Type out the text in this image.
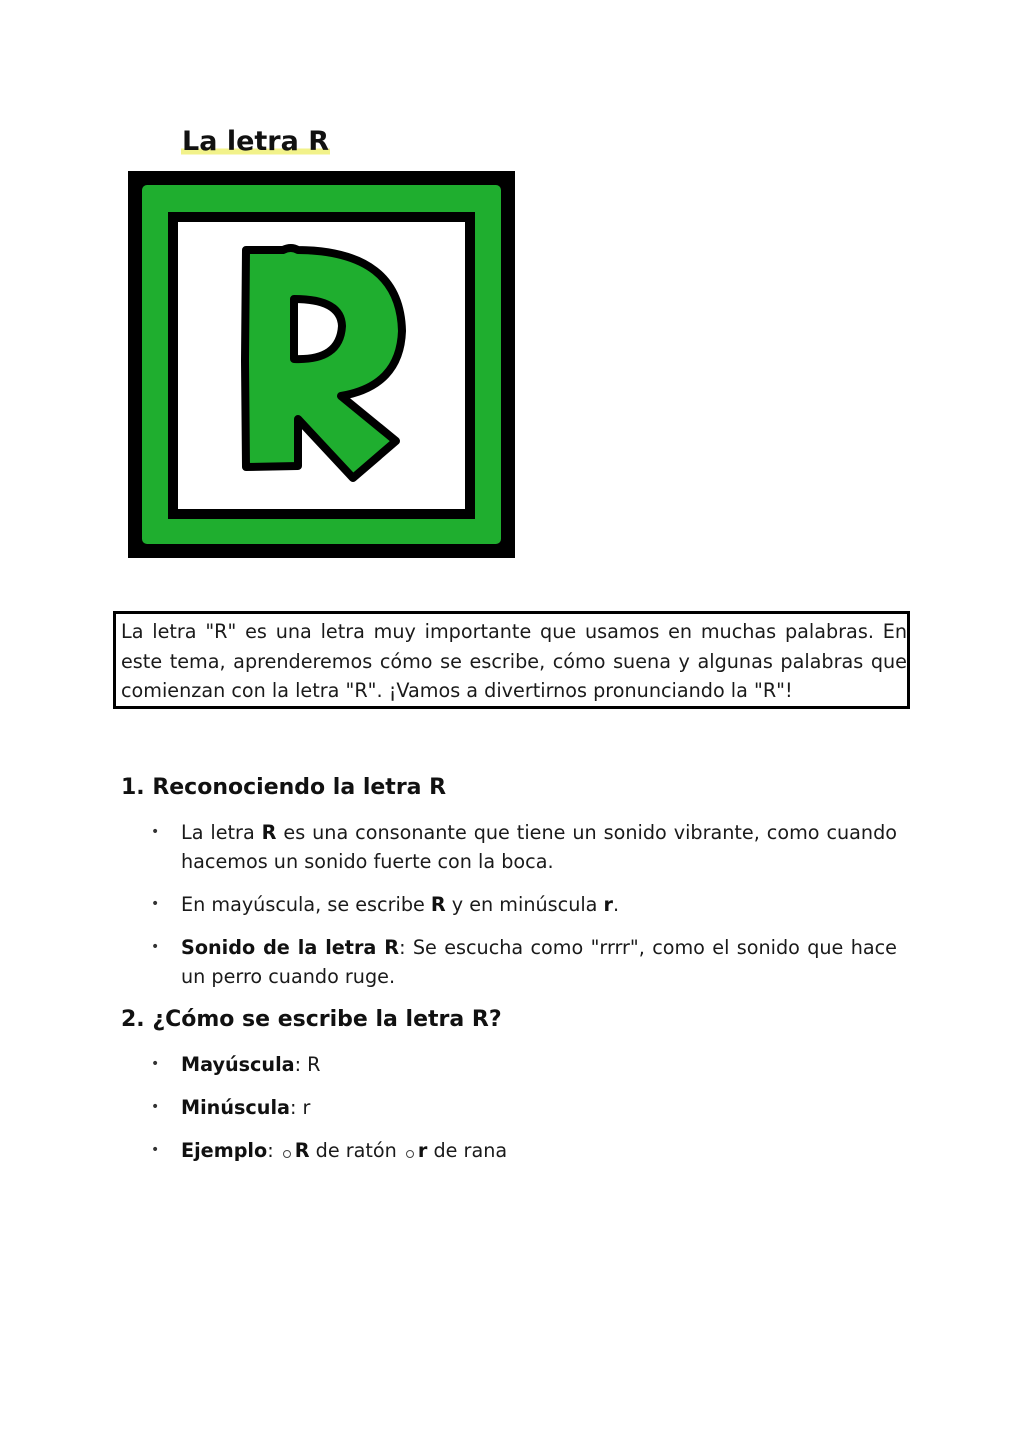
La letra R

La letra "R" es una letra muy importante que usamos en muchas palabras. En este tema, aprenderemos cómo se escribe, cómo suena y algunas palabras que comienzan con la letra "R". ¡Vamos a divertirnos pronunciando la "R"!

1. Reconociendo la letra R
• La letra R es una consonante que tiene un sonido vibrante, como cuando hacemos un sonido fuerte con la boca.
• En mayúscula, se escribe R y en minúscula r.
• Sonido de la letra R: Se escucha como "rrrr", como el sonido que hace un perro cuando ruge.
2. ¿Cómo se escribe la letra R?
• Mayúscula: R
• Minúscula: r
• Ejemplo: R de ratón r de rana
